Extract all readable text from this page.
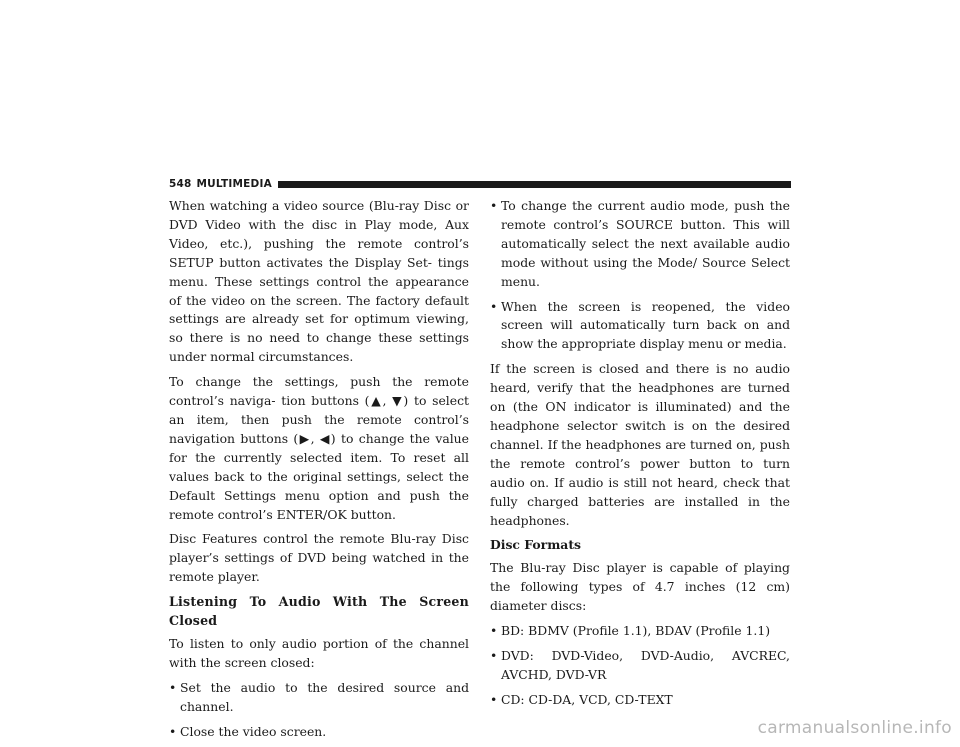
548 MULTIMEDIA

When watching a video source (Blu-ray Disc or DVD Video with the disc in Play mode, Aux Video, etc.), pushing the remote control’s SETUP button activates the Display Set- tings menu. These settings control the appearance of the video on the screen. The factory default settings are already set for optimum viewing, so there is no need to change these settings under normal circumstances.

To change the settings, push the remote control’s naviga- tion buttons (▲, ▼) to select an item, then push the remote control’s navigation buttons (▶, ◀) to change the value for the currently selected item. To reset all values back to the original settings, select the Default Settings menu option and push the remote control’s ENTER/OK button.

Disc Features control the remote Blu-ray Disc player’s settings of DVD being watched in the remote player.

Listening To Audio With The Screen Closed

To listen to only audio portion of the channel with the screen closed:

• Set the audio to the desired source and channel.
• Close the video screen.
• To change the current audio mode, push the remote control’s SOURCE button. This will automatically select the next available audio mode without using the Mode/ Source Select menu.
• When the screen is reopened, the video screen will automatically turn back on and show the appropriate display menu or media.

If the screen is closed and there is no audio heard, verify that the headphones are turned on (the ON indicator is illuminated) and the headphone selector switch is on the desired channel. If the headphones are turned on, push the remote control’s power button to turn audio on. If audio is still not heard, check that fully charged batteries are installed in the headphones.

Disc Formats

The Blu-ray Disc player is capable of playing the following types of 4.7 inches (12 cm) diameter discs:

• BD: BDMV (Profile 1.1), BDAV (Profile 1.1)
• DVD: DVD-Video, DVD-Audio, AVCREC, AVCHD, DVD-VR
• CD: CD-DA, VCD, CD-TEXT
carmanualsonline.info
